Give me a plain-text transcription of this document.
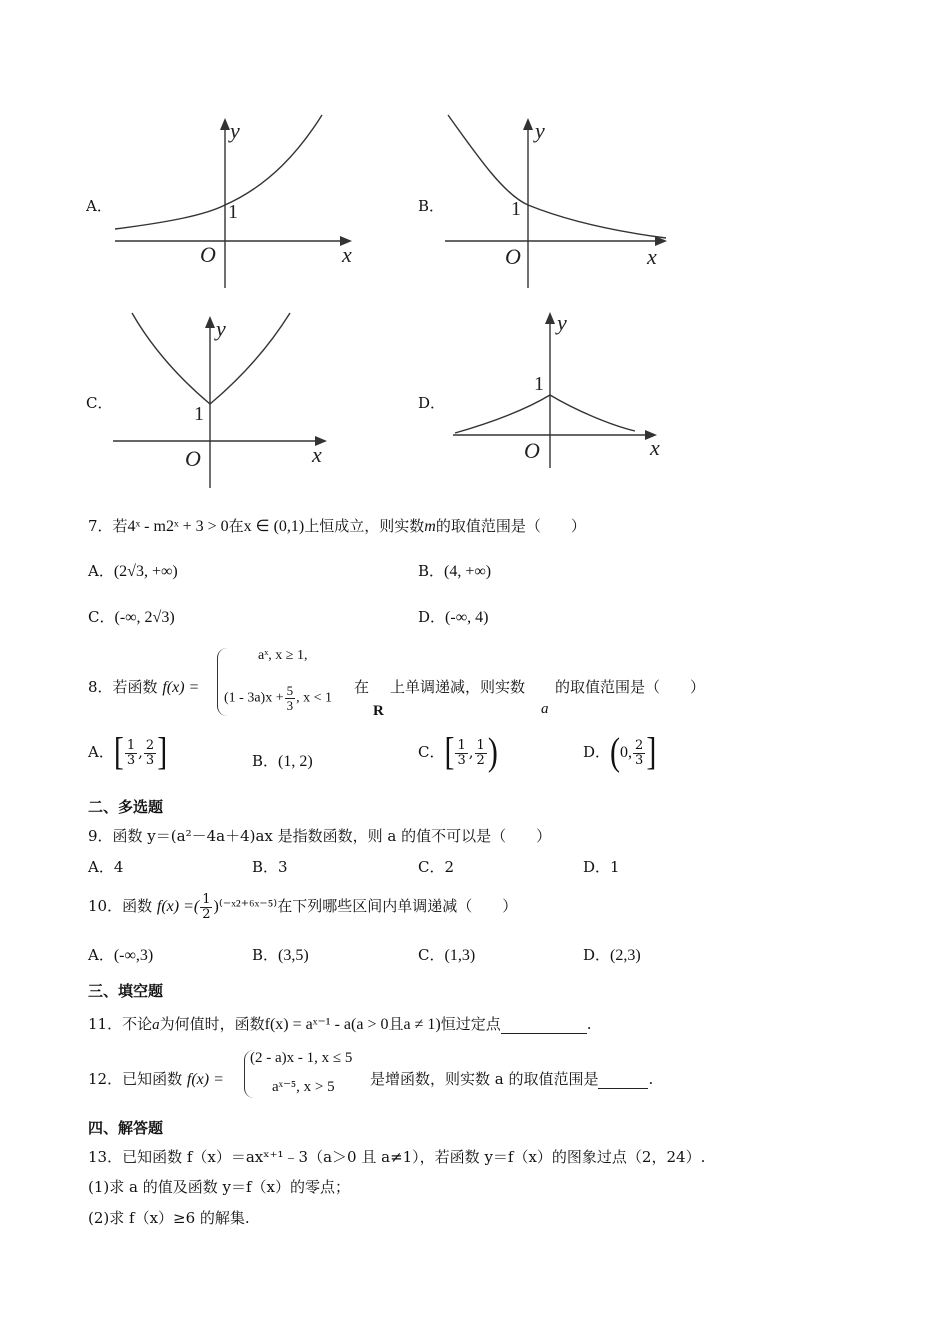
A．
y
x
O
1	B．
y
x
O
1
C．
y
x
O
1	D．
y
x
O
1
7．若4ˣ - m2ˣ + 3 > 0在x ∈ (0,1)上恒成立，则实数m的取值范围是（　　）
A．(2√3, +∞)	B．(4, +∞)
C．(-∞, 2√3)	D．(-∞, 4)
8．若函数 f(x) =
aˣ, x ≥ 1,
$(1 - 3a)x + \frac{5}{3}$ , x < 1
在
R
上单调递减，则实数
a
的取值范围是（　　）
A．[ $\frac{1}{3}$ , $\frac{2}{3}$ ]	B．(1, 2)
C．[ $\frac{1}{3}$ , $\frac{1}{2}$ )	D．(0, $\frac{2}{3}$ ]
二、多选题
9．函数 y＝(a²－4a＋4)ax 是指数函数，则 a 的值不可以是（　　）
A．4	B．3	C．2	D．1
10．函数 f(x) =( $\frac{1}{2}$ )⁽⁻ˣ²⁺⁶ˣ⁻⁵⁾在下列哪些区间内单调递减（　　）
A．(-∞,3)	B．(3,5)	C．(1,3)	D．(2,3)
三、填空题
11．不论a为何值时，函数f(x) = aˣ⁻¹ - a(a > 0且a ≠ 1)恒过定点	.
12．已知函数 f(x) =
(2 - a)x - 1, x ≤ 5
aˣ⁻⁵, x > 5 是增函数，则实数 a 的取值范围是	.
四、解答题
13．已知函数 f（x）＝axˣ⁺¹﹣3（a＞0 且 a≠1），若函数 y＝f（x）的图象过点（2，24）.
(1)求 a 的值及函数 y＝f（x）的零点；
(2)求 f（x）≥6 的解集.
